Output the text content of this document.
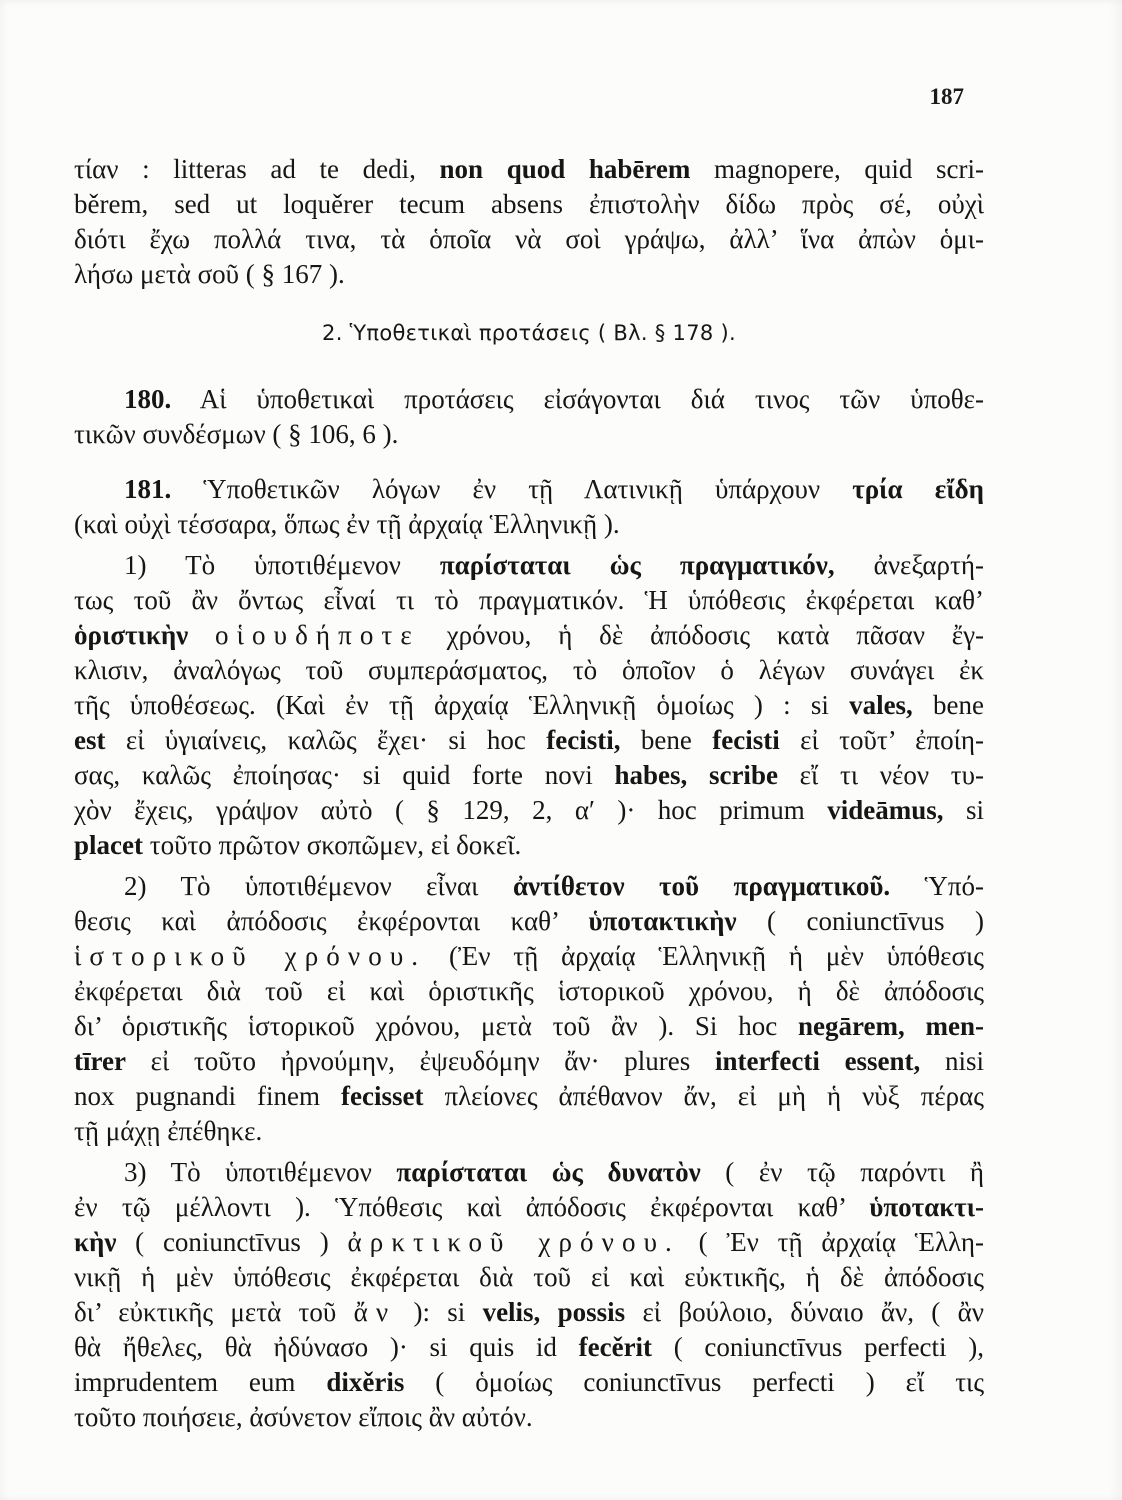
187
τίαν : litteras ad te dedi, non quod habērem magnopere, quid scri-
běrem, sed ut loquěrer tecum absens ἐπιστολὴν δίδω πρὸς σέ, οὐχὶ
διότι ἔχω πολλά τινα, τὰ ὁποῖα νὰ σοὶ γράψω, ἀλλ’ ἵνα ἀπὼν ὁμι-
λήσω μετὰ σοῦ ( § 167 ).
2. Ὑποθετικαὶ προτάσεις ( Βλ. § 178 ).
180. Αἱ ὑποθετικαὶ προτάσεις εἰσάγονται διά τινος τῶν ὑποθε-
τικῶν συνδέσμων ( § 106, 6 ).
181. Ὑποθετικῶν λόγων ἐν τῇ Λατινικῇ ὑπάρχουν τρία εἴδη
(καὶ οὐχὶ τέσσαρα, ὅπως ἐν τῇ ἀρχαίᾳ Ἑλληνικῇ ).
1) Τὸ ὑποτιθέμενον παρίσταται ὡς πραγματικόν, ἀνεξαρτή-
τως τοῦ ἂν ὄντως εἶναί τι τὸ πραγματικόν. Ἡ ὑπόθεσις ἐκφέρεται καθ’
ὁριστικὴν οἱουδήποτε χρόνου, ἡ δὲ ἀπόδοσις κατὰ πᾶσαν ἔγ-
κλισιν, ἀναλόγως τοῦ συμπεράσματος, τὸ ὁποῖον ὁ λέγων συνάγει ἐκ
τῆς ὑποθέσεως. (Καὶ ἐν τῇ ἀρχαίᾳ Ἑλληνικῇ ὁμοίως ) : si vales, bene
est εἰ ὑγιαίνεις, καλῶς ἔχει· si hoc fecisti, bene fecisti εἰ τοῦτ’ ἐποίη-
σας, καλῶς ἐποίησας· si quid forte novi habes, scribe εἴ τι νέον τυ-
χὸν ἔχεις, γράψον αὐτὸ ( § 129, 2, α′ )· hoc primum videāmus, si
placet τοῦτο πρῶτον σκοπῶμεν, εἰ δοκεῖ.
2) Τὸ ὑποτιθέμενον εἶναι ἀντίθετον τοῦ πραγματικοῦ. Ὑπό-
θεσις καὶ ἀπόδοσις ἐκφέρονται καθ’ ὑποτακτικὴν ( coniunctīvus )
ἱστορικοῦ χρόνου. (Ἐν τῇ ἀρχαίᾳ Ἑλληνικῇ ἡ μὲν ὑπόθεσις
ἐκφέρεται διὰ τοῦ εἰ καὶ ὁριστικῆς ἱστορικοῦ χρόνου, ἡ δὲ ἀπόδοσις
δι’ ὁριστικῆς ἱστορικοῦ χρόνου, μετὰ τοῦ ἂν ). Si hoc negārem, men-
tīrer εἰ τοῦτο ἠρνούμην, ἐψευδόμην ἄν· plures interfecti essent, nisi
nox pugnandi finem fecisset πλείονες ἀπέθανον ἄν, εἰ μὴ ἡ νὺξ πέρας
τῇ μάχῃ ἐπέθηκε.
3) Τὸ ὑποτιθέμενον παρίσταται ὡς δυνατὸν ( ἐν τῷ παρόντι ἢ
ἐν τῷ μέλλοντι ). Ὑπόθεσις καὶ ἀπόδοσις ἐκφέρονται καθ’ ὑποτακτι-
κὴν ( coniunctīvus ) ἀρκτικοῦ χρόνου. ( Ἐν τῇ ἀρχαίᾳ Ἑλλη-
νικῇ ἡ μὲν ὑπόθεσις ἐκφέρεται διὰ τοῦ εἰ καὶ εὐκτικῆς, ἡ δὲ ἀπόδοσις
δι’ εὐκτικῆς μετὰ τοῦ ἄν ): si velis, possis εἰ βούλοιο, δύναιο ἄν, ( ἂν
θὰ ἤθελες, θὰ ἠδύνασο )· si quis id fecěrit ( coniunctīvus perfecti ),
imprudentem eum dixěris ( ὁμοίως coniunctīvus perfecti ) εἴ τις
τοῦτο ποιήσειε, ἀσύνετον εἴποις ἂν αὐτόν.
